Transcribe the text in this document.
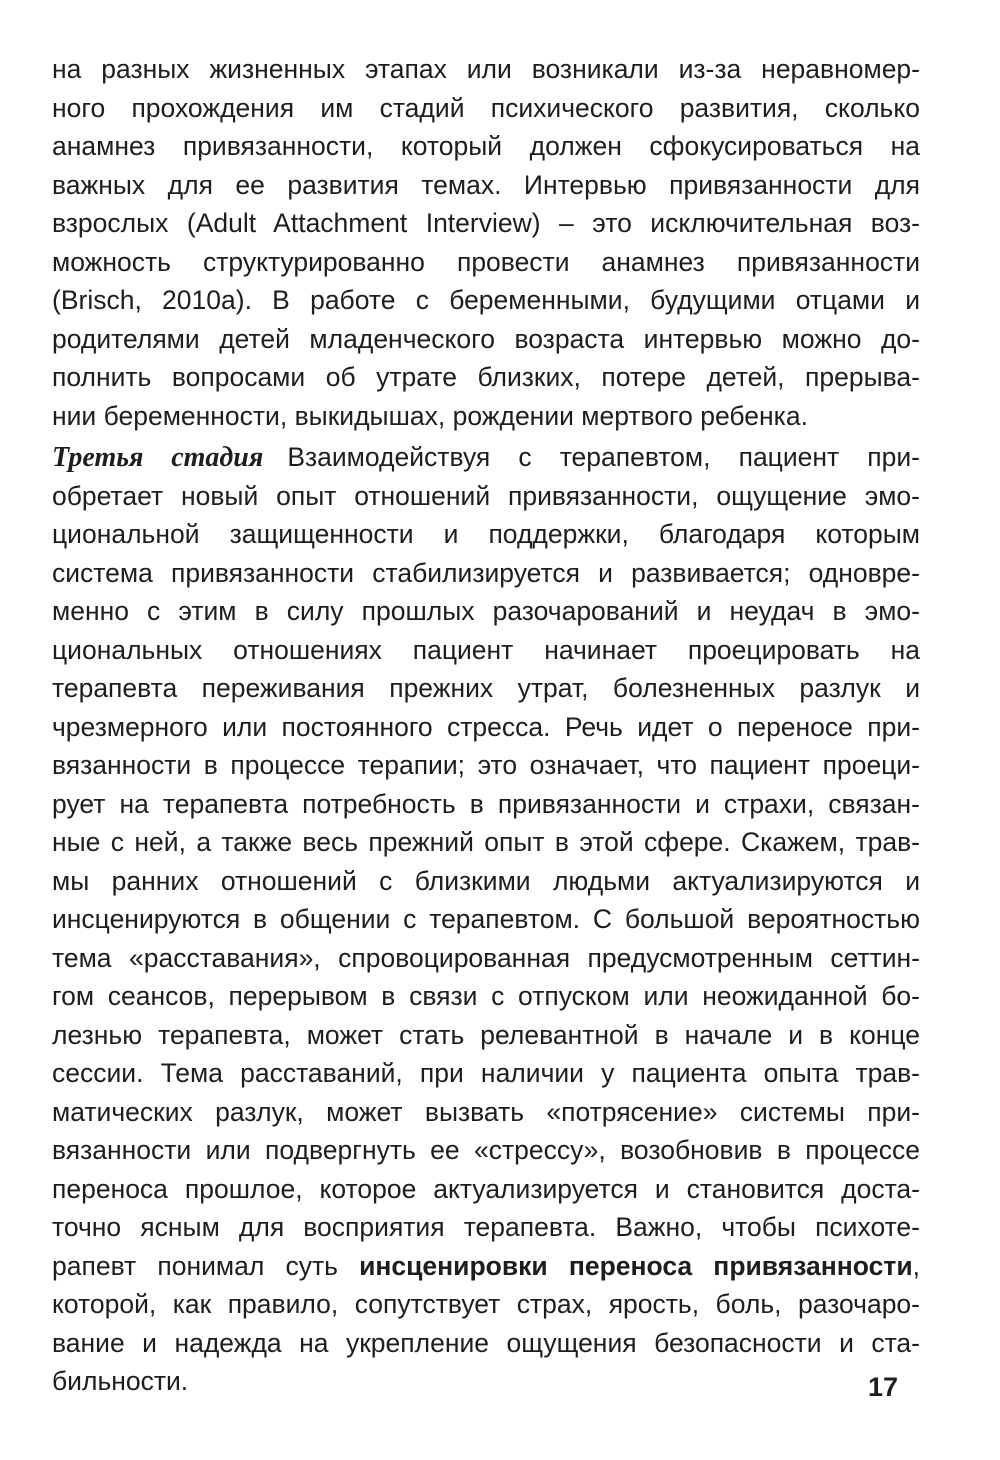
на разных жизненных этапах или возникали из-за неравномер-
ного прохождения им стадий психического развития, сколько
анамнез привязанности, который должен сфокусироваться на
важных для ее развития темах. Интервью привязанности для
взрослых (Adult Attachment Interview) – это исключительная воз-
можность структурированно провести анамнез привязанности
(Brisch, 2010a). В работе с беременными, будущими отцами и
родителями детей младенческого возраста интервью можно до-
полнить вопросами об утрате близких, потере детей, прерыва-
нии беременности, выкидышах, рождении мертвого ребенка.
Третья стадия Взаимодействуя с терапевтом, пациент при-
обретает новый опыт отношений привязанности, ощущение эмо-
циональной защищенности и поддержки, благодаря которым
система привязанности стабилизируется и развивается; одновре-
менно с этим в силу прошлых разочарований и неудач в эмо-
циональных отношениях пациент начинает проецировать на
терапевта переживания прежних утрат, болезненных разлук и
чрезмерного или постоянного стресса. Речь идет о переносе при-
вязанности в процессе терапии; это означает, что пациент проеци-
рует на терапевта потребность в привязанности и страхи, связан-
ные с ней, а также весь прежний опыт в этой сфере. Скажем, трав-
мы ранних отношений с близкими людьми актуализируются и
инсценируются в общении с терапевтом. С большой вероятностью
тема «расставания», спровоцированная предусмотренным сеттин-
гом сеансов, перерывом в связи с отпуском или неожиданной бо-
лезнью терапевта, может стать релевантной в начале и в конце
сессии. Тема расставаний, при наличии у пациента опыта трав-
матических разлук, может вызвать «потрясение» системы при-
вязанности или подвергнуть ее «стрессу», возобновив в процессе
переноса прошлое, которое актуализируется и становится доста-
точно ясным для восприятия терапевта. Важно, чтобы психоте-
рапевт понимал суть инсценировки переноса привязанности,
которой, как правило, сопутствует страх, ярость, боль, разочаро-
вание и надежда на укрепление ощущения безопасности и ста-
бильности.	17
